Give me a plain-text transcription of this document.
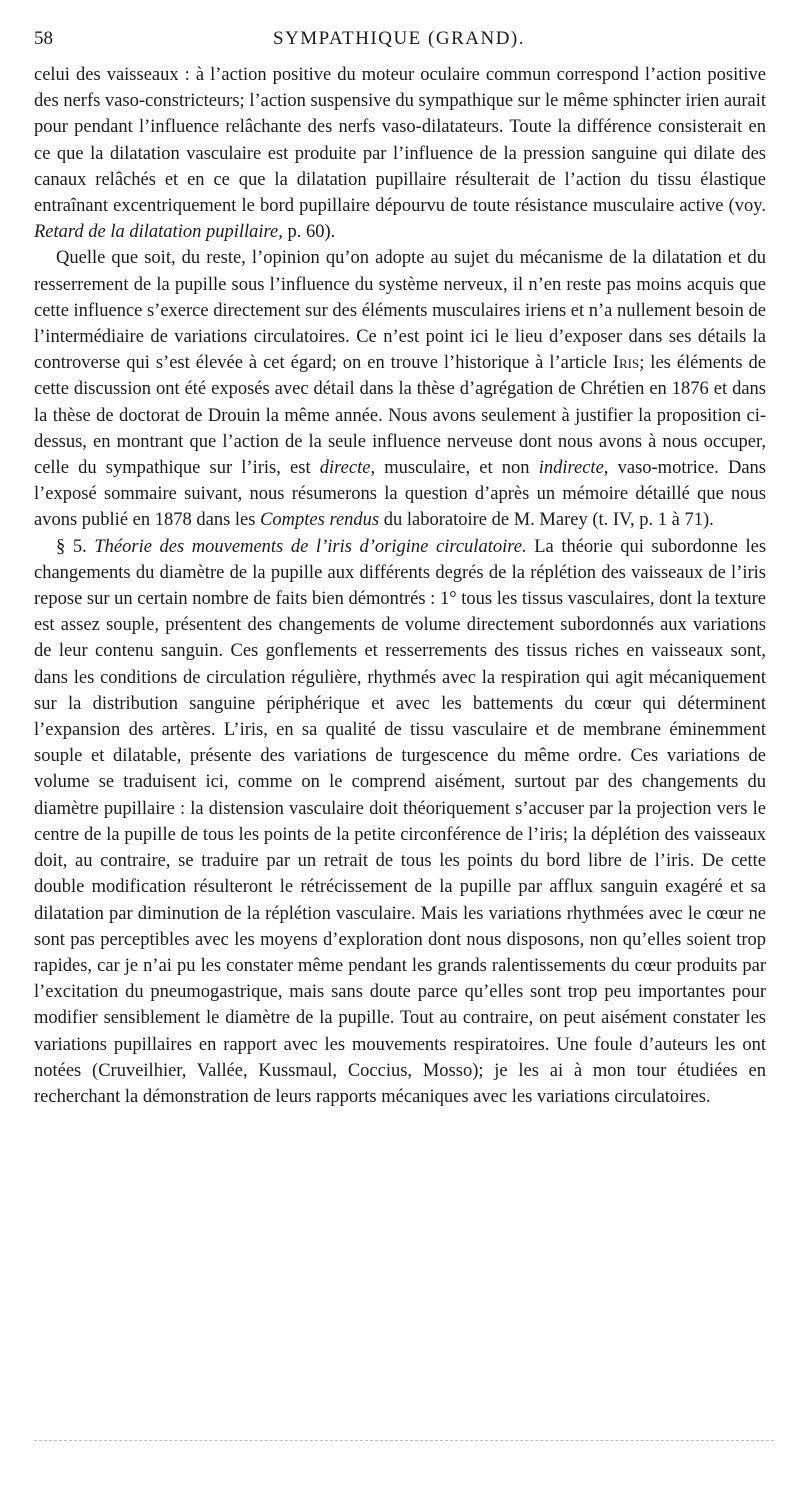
58	SYMPATHIQUE (GRAND).

celui des vaisseaux : à l’action positive du moteur oculaire commun correspond l’action positive des nerfs vaso-constricteurs; l’action suspensive du sympathique sur le même sphincter irien aurait pour pendant l’influence relâchante des nerfs vaso-dilatateurs. Toute la différence consisterait en ce que la dilatation vasculaire est produite par l’influence de la pression sanguine qui dilate des canaux relâchés et en ce que la dilatation pupillaire résulterait de l’action du tissu élastique entraînant excentriquement le bord pupillaire dépourvu de toute résistance musculaire active (voy. Retard de la dilatation pupillaire, p. 60).

Quelle que soit, du reste, l’opinion qu’on adopte au sujet du mécanisme de la dilatation et du resserrement de la pupille sous l’influence du système nerveux, il n’en reste pas moins acquis que cette influence s’exerce directement sur des éléments musculaires iriens et n’a nullement besoin de l’intermédiaire de variations circulatoires. Ce n’est point ici le lieu d’exposer dans ses détails la controverse qui s’est élevée à cet égard; on en trouve l’historique à l’article Iris; les éléments de cette discussion ont été exposés avec détail dans la thèse d’agrégation de Chrétien en 1876 et dans la thèse de doctorat de Drouin la même année. Nous avons seulement à justifier la proposition ci-dessus, en montrant que l’action de la seule influence nerveuse dont nous avons à nous occuper, celle du sympathique sur l’iris, est directe, musculaire, et non indirecte, vaso-motrice. Dans l’exposé sommaire suivant, nous résumerons la question d’après un mémoire détaillé que nous avons publié en 1878 dans les Comptes rendus du laboratoire de M. Marey (t. IV, p. 1 à 71).

§ 5. Théorie des mouvements de l’iris d’origine circulatoire. La théorie qui subordonne les changements du diamètre de la pupille aux différents degrés de la réplétion des vaisseaux de l’iris repose sur un certain nombre de faits bien démontrés : 1° tous les tissus vasculaires, dont la texture est assez souple, présentent des changements de volume directement subordonnés aux variations de leur contenu sanguin. Ces gonflements et resserrements des tissus riches en vaisseaux sont, dans les conditions de circulation régulière, rhythmés avec la respiration qui agit mécaniquement sur la distribution sanguine périphérique et avec les battements du cœur qui déterminent l’expansion des artères. L’iris, en sa qualité de tissu vasculaire et de membrane éminemment souple et dilatable, présente des variations de turgescence du même ordre. Ces variations de volume se traduisent ici, comme on le comprend aisément, surtout par des changements du diamètre pupillaire : la distension vasculaire doit théoriquement s’accuser par la projection vers le centre de la pupille de tous les points de la petite circonférence de l’iris; la déplétion des vaisseaux doit, au contraire, se traduire par un retrait de tous les points du bord libre de l’iris. De cette double modification résulteront le rétrécissement de la pupille par afflux sanguin exagéré et sa dilatation par diminution de la réplétion vasculaire. Mais les variations rhythmées avec le cœur ne sont pas perceptibles avec les moyens d’exploration dont nous disposons, non qu’elles soient trop rapides, car je n’ai pu les constater même pendant les grands ralentissements du cœur produits par l’excitation du pneumogastrique, mais sans doute parce qu’elles sont trop peu importantes pour modifier sensiblement le diamètre de la pupille. Tout au contraire, on peut aisément constater les variations pupillaires en rapport avec les mouvements respiratoires. Une foule d’auteurs les ont notées (Cruveilhier, Vallée, Kussmaul, Coccius, Mosso); je les ai à mon tour étudiées en recherchant la démonstration de leurs rapports mécaniques avec les variations circulatoires.
